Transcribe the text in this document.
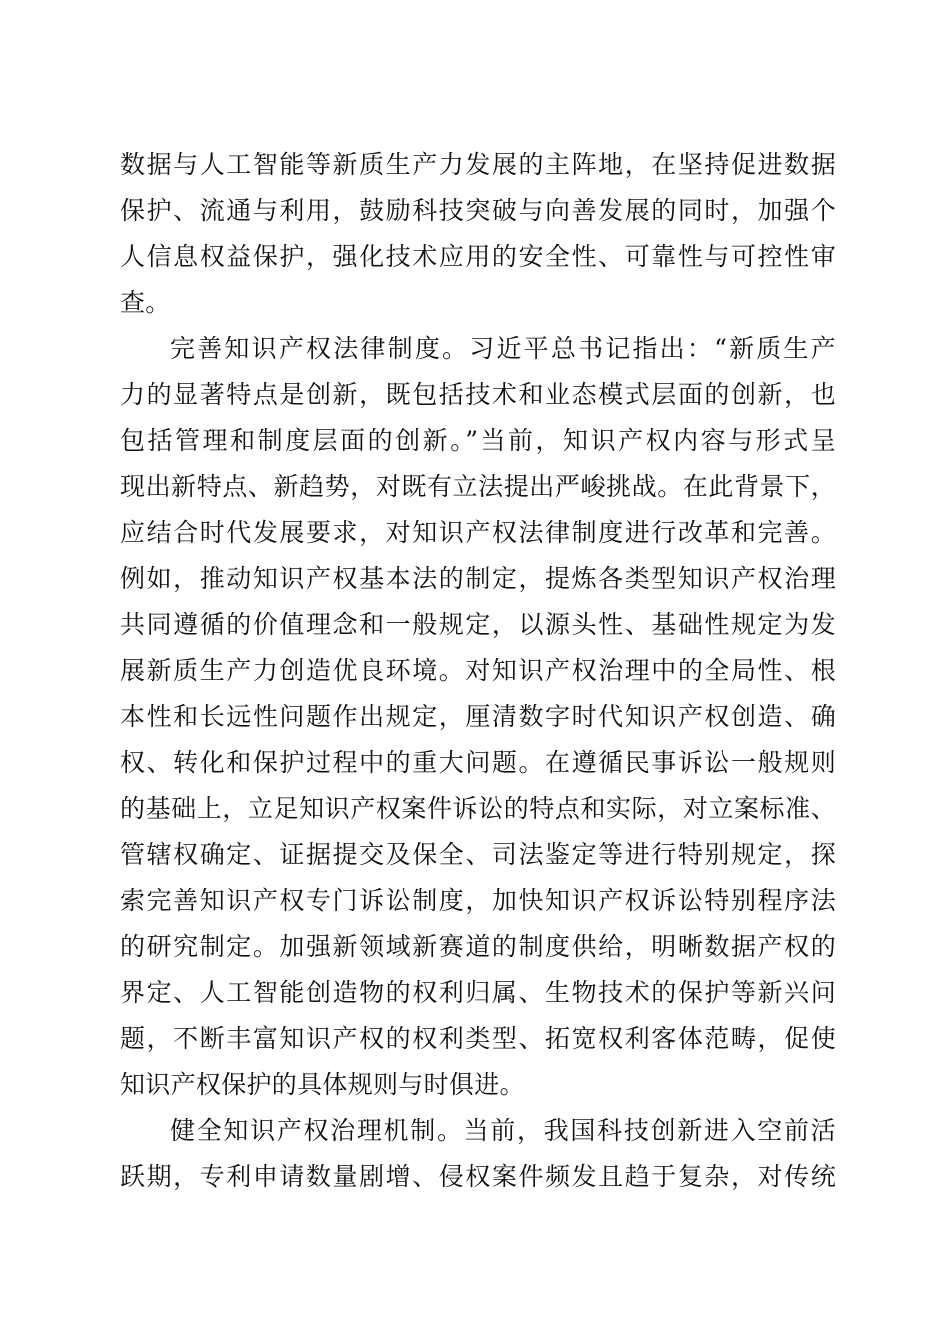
数据与人工智能等新质生产力发展的主阵地，在坚持促进数据
保护、流通与利用，鼓励科技突破与向善发展的同时，加强个
人信息权益保护，强化技术应用的安全性、可靠性与可控性审
查。
完善知识产权法律制度。习近平总书记指出：“新质生产
力的显著特点是创新，既包括技术和业态模式层面的创新，也
包括管理和制度层面的创新。”当前，知识产权内容与形式呈
现出新特点、新趋势，对既有立法提出严峻挑战。在此背景下，
应结合时代发展要求，对知识产权法律制度进行改革和完善。
例如，推动知识产权基本法的制定，提炼各类型知识产权治理
共同遵循的价值理念和一般规定，以源头性、基础性规定为发
展新质生产力创造优良环境。对知识产权治理中的全局性、根
本性和长远性问题作出规定，厘清数字时代知识产权创造、确
权、转化和保护过程中的重大问题。在遵循民事诉讼一般规则
的基础上，立足知识产权案件诉讼的特点和实际，对立案标准、
管辖权确定、证据提交及保全、司法鉴定等进行特别规定，探
索完善知识产权专门诉讼制度，加快知识产权诉讼特别程序法
的研究制定。加强新领域新赛道的制度供给，明晰数据产权的
界定、人工智能创造物的权利归属、生物技术的保护等新兴问
题，不断丰富知识产权的权利类型、拓宽权利客体范畴，促使
知识产权保护的具体规则与时俱进。
健全知识产权治理机制。当前，我国科技创新进入空前活
跃期，专利申请数量剧增、侵权案件频发且趋于复杂，对传统
